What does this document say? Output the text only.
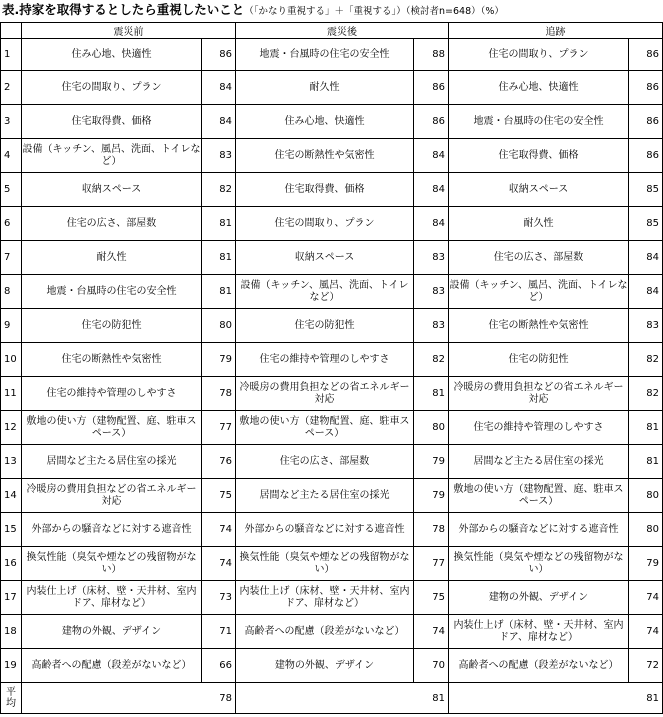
表.持家を取得するとしたら重視したいこと（「かなり重視する」＋「重視する」）（検討者n=648）（%）
	震災前		震災後		追跡	
1	住み心地、快適性	86	地震・台風時の住宅の安全性	88	住宅の間取り、プラン	86
2	住宅の間取り、プラン	84	耐久性	86	住み心地、快適性	86
3	住宅取得費、価格	84	住み心地、快適性	86	地震・台風時の住宅の安全性	86
4	設備（キッチン、風呂、洗面、トイレなど）	83	住宅の断熱性や気密性	84	住宅取得費、価格	86
5	収納スペース	82	住宅取得費、価格	84	収納スペース	85
6	住宅の広さ、部屋数	81	住宅の間取り、プラン	84	耐久性	85
7	耐久性	81	収納スペース	83	住宅の広さ、部屋数	84
8	地震・台風時の住宅の安全性	81	設備（キッチン、風呂、洗面、トイレなど）	83	設備（キッチン、風呂、洗面、トイレなど）	84
9	住宅の防犯性	80	住宅の防犯性	83	住宅の断熱性や気密性	83
10	住宅の断熱性や気密性	79	住宅の維持や管理のしやすさ	82	住宅の防犯性	82
11	住宅の維持や管理のしやすさ	78	冷暖房の費用負担などの省エネルギー対応	81	冷暖房の費用負担などの省エネルギー対応	82
12	敷地の使い方（建物配置、庭、駐車スペース）	77	敷地の使い方（建物配置、庭、駐車スペース）	80	住宅の維持や管理のしやすさ	81
13	居間など主たる居住室の採光	76	住宅の広さ、部屋数	79	居間など主たる居住室の採光	81
14	冷暖房の費用負担などの省エネルギー対応	75	居間など主たる居住室の採光	79	敷地の使い方（建物配置、庭、駐車スペース）	80
15	外部からの騒音などに対する遮音性	74	外部からの騒音などに対する遮音性	78	外部からの騒音などに対する遮音性	80
16	換気性能（臭気や煙などの残留物がない）	74	換気性能（臭気や煙などの残留物がない）	77	換気性能（臭気や煙などの残留物がない）	79
17	内装仕上げ（床材、壁・天井材、室内ドア、扉材など）	73	内装仕上げ（床材、壁・天井材、室内ドア、扉材など）	75	建物の外観、デザイン	74
18	建物の外観、デザイン	71	高齢者への配慮（段差がないなど）	74	内装仕上げ（床材、壁・天井材、室内ドア、扉材など）	74
19	高齢者への配慮（段差がないなど）	66	建物の外観、デザイン	70	高齢者への配慮（段差がないなど）	72
平均	78		81		81	
